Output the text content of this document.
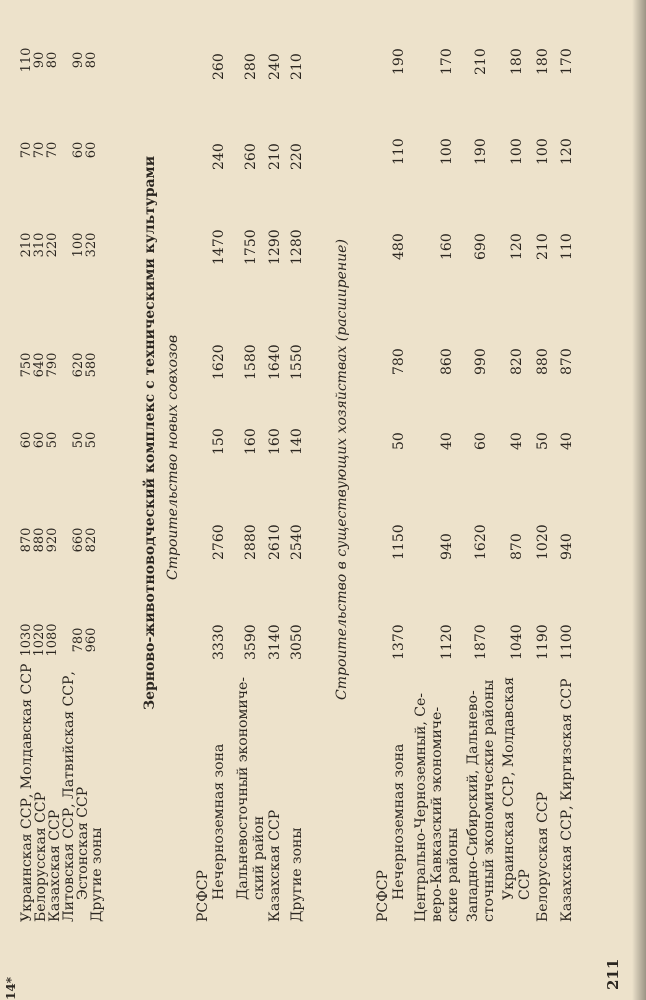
211
14*
Украинская ССР, Молдавская ССР
Белорусская ССР
Казахская ССР
Литовская ССР, Латвийская ССР,
Эстонская ССР
Другие зоны
1030
1020
1080 780
960
870
880
920 660
820
60
60
50 50
50
750
640
790 620
580
210
310
220 100
320
70
70
70 60
60
110
90
80 90
80
Зерново-животноводческий комплекс с техническими культурами Строительство новых совхозов
РСФСР Нечерноземная зона
3330
2760
150
1620
1470
240
260
Дальневосточный экономиче- ский район
3590
2880
160
1580
1750
260
280
Казахская ССР
3140
2610
160
1640
1290
210
240
Другие зоны
3050
2540
140
1550
1280
220
210
Строительство в существующих хозяйствах (расширение)
РСФСР Нечерноземная зона
1370
1150
50
780
480
110
190
Центрально-Черноземный, Се- веро-Кавказский экономиче- ские районы
1120
940
40
860
160
100
170
Западно-Сибирский, Дальнево- сточный экономические районы
1870
1620
60
990
690
190
210
Украинская ССР, Молдавская ССР
1040
870
40
820
120
100
180
Белорусская ССР
1190
1020
50
880
210
100
180
Казахская ССР, Киргизская ССР
1100
940
40
870
110
120
170
